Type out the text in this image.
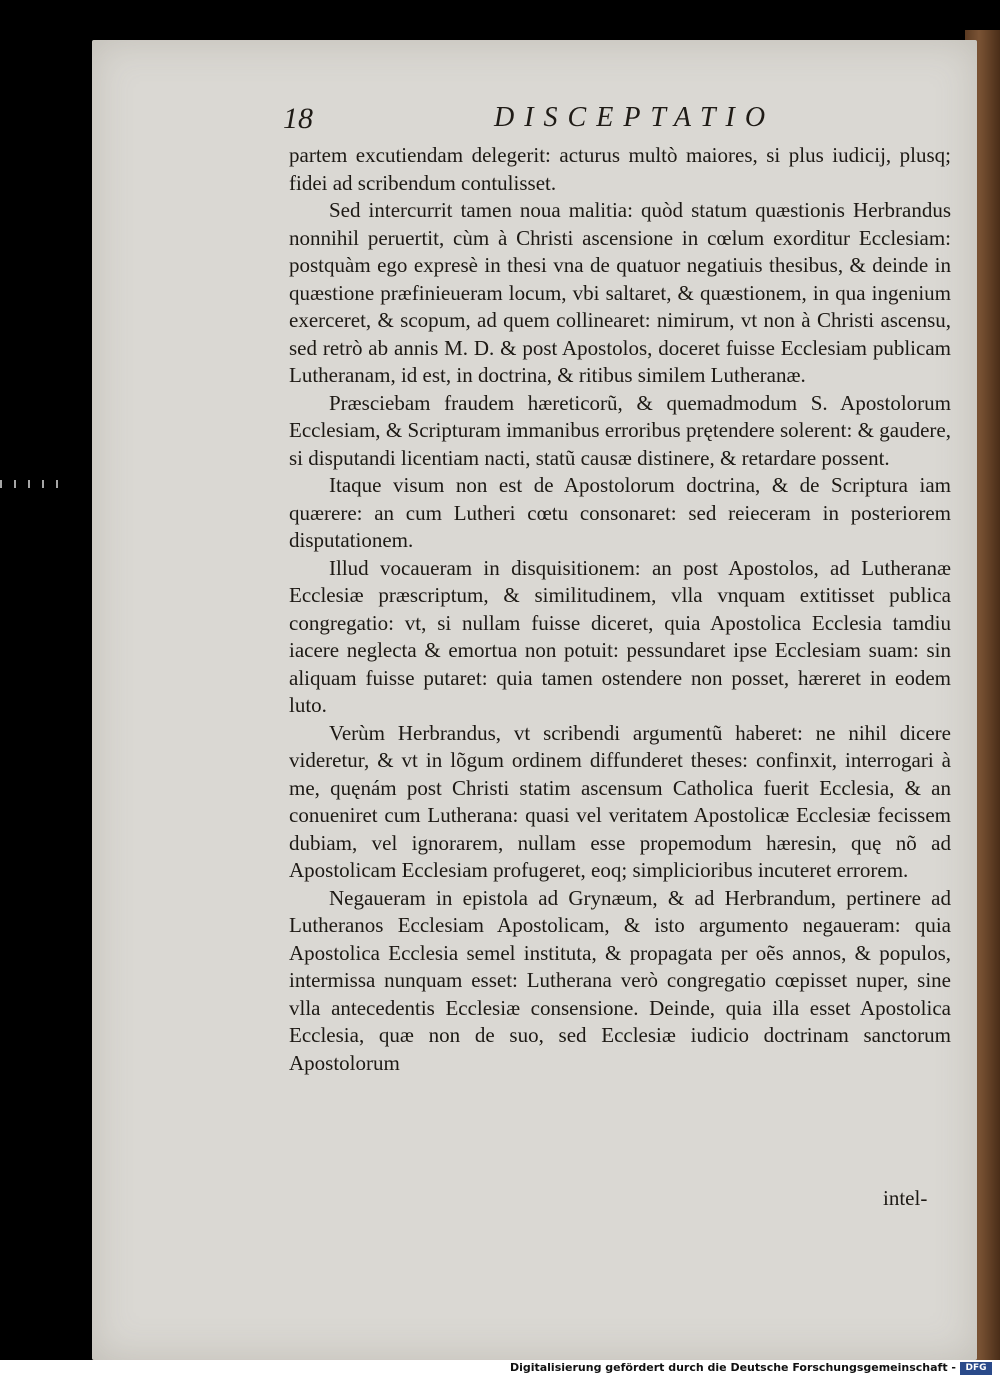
18	DISCEPTATIO

partem excutiendam delegerit: acturus multò maiores, si plus iudicij, plusq; fidei ad scribendum contulisset.

Sed intercurrit tamen noua malitia: quòd statum quæstionis Herbrandus nonnihil peruertit, cùm à Christi ascensione in cœlum exorditur Ecclesiam: postquàm ego expresè in thesi vna de quatuor negatiuis thesibus, & deinde in quæstione præfinieueram locum, vbi saltaret, & quæstionem, in qua ingenium exerceret, & scopum, ad quem collinearet: nimirum, vt non à Christi ascensu, sed retrò ab annis M. D. & post Apostolos, doceret fuisse Ecclesiam publicam Lutheranam, id est, in doctrina, & ritibus similem Lutheranæ.

Præsciebam fraudem hæreticorũ, & quemadmodum S. Apostolorum Ecclesiam, & Scripturam immanibus erroribus prętendere solerent: & gaudere, si disputandi licentiam nacti, statũ causæ distinere, & retardare possent.

Itaque visum non est de Apostolorum doctrina, & de Scriptura iam quærere: an cum Lutheri cœtu consonaret: sed reieceram in posteriorem disputationem.

Illud vocaueram in disquisitionem: an post Apostolos, ad Lutheranæ Ecclesiæ præscriptum, & similitudinem, vlla vnquam extitisset publica congregatio: vt, si nullam fuisse diceret, quia Apostolica Ecclesia tamdiu iacere neglecta & emortua non potuit: pessundaret ipse Ecclesiam suam: sin aliquam fuisse putaret: quia tamen ostendere non posset, hæreret in eodem luto.

Verùm Herbrandus, vt scribendi argumentũ haberet: ne nihil dicere videretur, & vt in lõgum ordinem diffunderet theses: confinxit, interrogari à me, quęnám post Christi statim ascensum Catholica fuerit Ecclesia, & an conueniret cum Lutherana: quasi vel veritatem Apostolicæ Ecclesiæ fecissem dubiam, vel ignorarem, nullam esse propemodum hæresin, quę nõ ad Apostolicam Ecclesiam profugeret, eoq; simplicioribus incuteret errorem.

Negaueram in epistola ad Grynæum, & ad Herbrandum, pertinere ad Lutheranos Ecclesiam Apostolicam, & isto argumento negaueram: quia Apostolica Ecclesia semel instituta, & propagata per oẽs annos, & populos, intermissa nunquam esset: Lutherana verò congregatio cœpisset nuper, sine vlla antecedentis Ecclesiæ consensione. Deinde, quia illa esset Apostolica Ecclesia, quæ non de suo, sed Ecclesiæ iudicio doctrinam sanctorum Apostolorum

intel-
Digitalisierung gefördert durch die Deutsche Forschungsgemeinschaft -	DFG
